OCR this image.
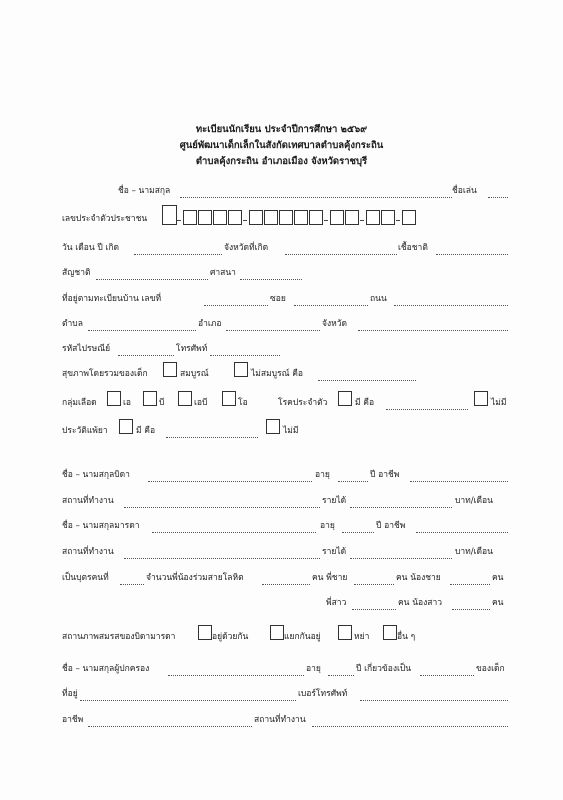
ทะเบียนนักเรียน ประจำปีการศึกษา ๒๕๖๙
ศูนย์พัฒนาเด็กเล็กในสังกัดเทศบาลตำบลคุ้งกระถิน
ตำบลคุ้งกระถิน อำเภอเมือง จังหวัดราชบุรี
ชื่อ – นามสกุล	ชื่อเล่น
เลขประจำตัวประชาชน
วัน เดือน ปี เกิด	จังหวัดที่เกิด	เชื้อชาติ
สัญชาติ	ศาสนา
ที่อยู่ตามทะเบียนบ้าน เลขที่	ซอย	ถนน
ตำบล	อำเภอ	จังหวัด
รหัสไปรษณีย์	โทรศัพท์
สุขภาพโดยรวมของเด็ก	สมบูรณ์	ไม่สมบูรณ์ คือ
กลุ่มเลือด	เอ	บี	เอบี	โอ	โรคประจำตัว	มี คือ	ไม่มี
ประวัติแพ้ยา	มี คือ	ไม่มี
ชื่อ – นามสกุลบิดา	อายุ	ปี อาชีพ
สถานที่ทำงาน	รายได้	บาท/เดือน
ชื่อ – นามสกุลมารดา	อายุ	ปี อาชีพ
สถานที่ทำงาน	รายได้	บาท/เดือน
เป็นบุตรคนที่	จำนวนพี่น้องร่วมสายโลหิต	คน พี่ชาย	คน น้องชาย	คน
พี่สาว	คน น้องสาว	คน
สถานภาพสมรสของบิดามารดา	อยู่ด้วยกัน	แยกกันอยู่	หย่า	อื่น ๆ
ชื่อ – นามสกุลผู้ปกครอง	อายุ	ปี เกี่ยวข้องเป็น	ของเด็ก
ที่อยู่	เบอร์โทรศัพท์
อาชีพ	สถานที่ทำงาน
